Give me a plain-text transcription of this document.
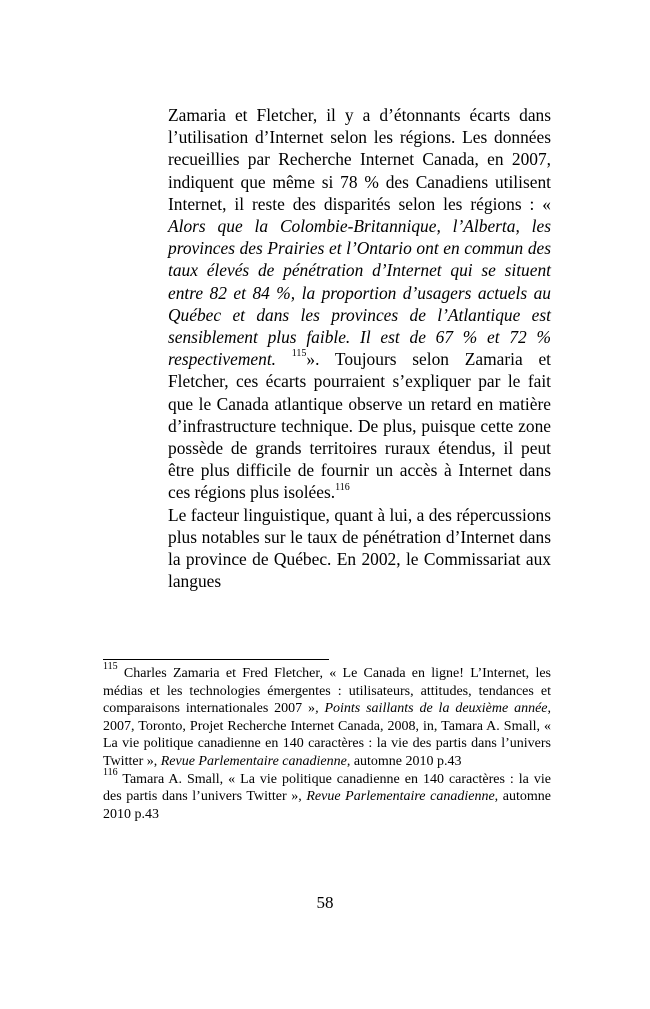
Zamaria et Fletcher, il y a d’étonnants écarts dans l’utilisation d’Internet selon les régions. Les données recueillies par Recherche Internet Canada, en 2007, indiquent que même si 78 % des Canadiens utilisent Internet, il reste des disparités selon les régions : « Alors que la Colombie-Britannique, l’Alberta, les provinces des Prairies et l’Ontario ont en commun des taux élevés de pénétration d’Internet qui se situent entre 82 et 84 %, la proportion d’usagers actuels au Québec et dans les provinces de l’Atlantique est sensiblement plus faible. Il est de 67 % et 72 % respectivement. $^{115}$». Toujours selon Zamaria et Fletcher, ces écarts pourraient s’expliquer par le fait que le Canada atlantique observe un retard en matière d’infrastructure technique. De plus, puisque cette zone possède de grands territoires ruraux étendus, il peut être plus difficile de fournir un accès à Internet dans ces régions plus isolées.$^{116}$

Le facteur linguistique, quant à lui, a des répercussions plus notables sur le taux de pénétration d’Internet dans la province de Québec. En 2002, le Commissariat aux langues

$^{115}$ Charles Zamaria et Fred Fletcher, « Le Canada en ligne! L’Internet, les médias et les technologies émergentes : utilisateurs, attitudes, tendances et comparaisons internationales 2007 », Points saillants de la deuxième année, 2007, Toronto, Projet Recherche Internet Canada, 2008, in, Tamara A. Small, « La vie politique canadienne en 140 caractères : la vie des partis dans l’univers Twitter », Revue Parlementaire canadienne, automne 2010 p.43

$^{116}$ Tamara A. Small, « La vie politique canadienne en 140 caractères : la vie des partis dans l’univers Twitter », Revue Parlementaire canadienne, automne 2010 p.43

58
